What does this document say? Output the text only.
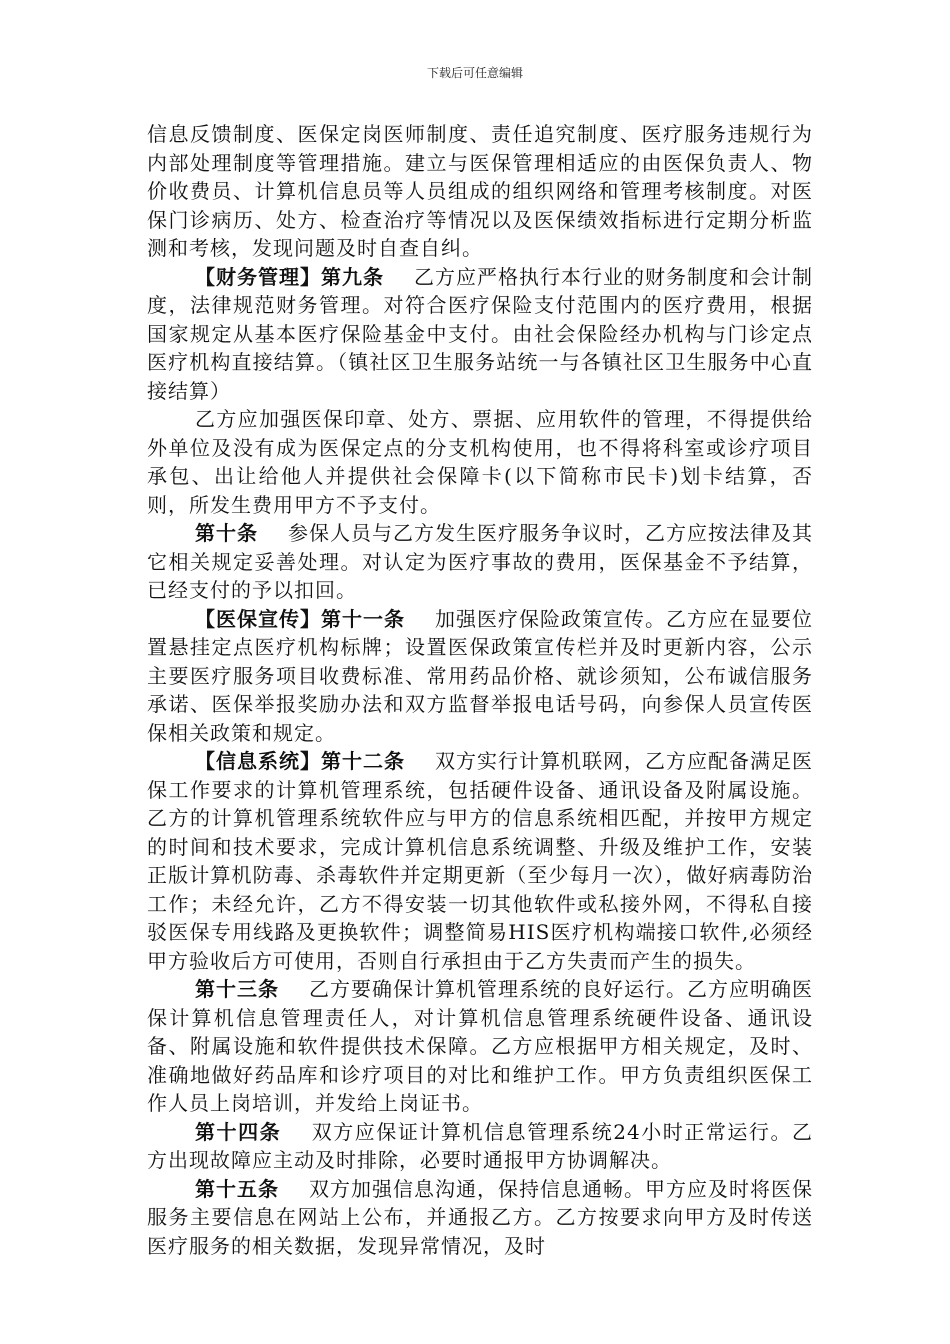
下载后可任意编辑

信息反馈制度、医保定岗医师制度、责任追究制度、医疗服务违规行为内部处理制度等管理措施。建立与医保管理相适应的由医保负责人、物价收费员、计算机信息员等人员组成的组织网络和管理考核制度。对医保门诊病历、处方、检查治疗等情况以及医保绩效指标进行定期分析监测和考核，发现问题及时自查自纠。

【财务管理】第九条 乙方应严格执行本行业的财务制度和会计制度，法律规范财务管理。对符合医疗保险支付范围内的医疗费用，根据国家规定从基本医疗保险基金中支付。由社会保险经办机构与门诊定点医疗机构直接结算。（镇社区卫生服务站统一与各镇社区卫生服务中心直接结算）

乙方应加强医保印章、处方、票据、应用软件的管理，不得提供给外单位及没有成为医保定点的分支机构使用，也不得将科室或诊疗项目承包、出让给他人并提供社会保障卡(以下简称市民卡)划卡结算，否则，所发生费用甲方不予支付。

第十条 参保人员与乙方发生医疗服务争议时，乙方应按法律及其它相关规定妥善处理。对认定为医疗事故的费用，医保基金不予结算，已经支付的予以扣回。

【医保宣传】第十一条 加强医疗保险政策宣传。乙方应在显要位置悬挂定点医疗机构标牌；设置医保政策宣传栏并及时更新内容，公示主要医疗服务项目收费标准、常用药品价格、就诊须知，公布诚信服务承诺、医保举报奖励办法和双方监督举报电话号码，向参保人员宣传医保相关政策和规定。

【信息系统】第十二条 双方实行计算机联网，乙方应配备满足医保工作要求的计算机管理系统，包括硬件设备、通讯设备及附属设施。乙方的计算机管理系统软件应与甲方的信息系统相匹配，并按甲方规定的时间和技术要求，完成计算机信息系统调整、升级及维护工作，安装正版计算机防毒、杀毒软件并定期更新（至少每月一次），做好病毒防治工作；未经允许，乙方不得安装一切其他软件或私接外网，不得私自接驳医保专用线路及更换软件；调整简易HIS医疗机构端接口软件,必须经甲方验收后方可使用，否则自行承担由于乙方失责而产生的损失。

第十三条 乙方要确保计算机管理系统的良好运行。乙方应明确医保计算机信息管理责任人，对计算机信息管理系统硬件设备、通讯设备、附属设施和软件提供技术保障。乙方应根据甲方相关规定，及时、准确地做好药品库和诊疗项目的对比和维护工作。甲方负责组织医保工作人员上岗培训，并发给上岗证书。

第十四条 双方应保证计算机信息管理系统24小时正常运行。乙方出现故障应主动及时排除，必要时通报甲方协调解决。

第十五条 双方加强信息沟通，保持信息通畅。甲方应及时将医保服务主要信息在网站上公布，并通报乙方。乙方按要求向甲方及时传送医疗服务的相关数据，发现异常情况，及时
